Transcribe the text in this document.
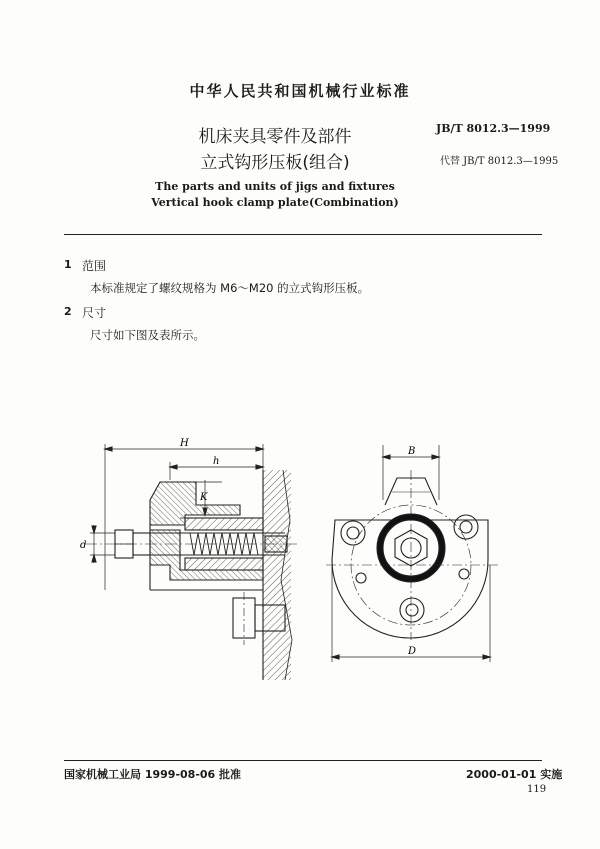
中华人民共和国机械行业标准
机床夹具零件及部件
立式钩形压板(组合)
The parts and units of jigs and fixtures
Vertical hook clamp plate(Combination)
JB/T 8012.3—1999
代替 JB/T 8012.3—1995
1 范围
本标准规定了螺纹规格为 M6～M20 的立式钩形压板。
2 尺寸
尺寸如下图及表所示。
H
h
K
d
B
D
国家机械工业局 1999-08-06 批准	2000-01-01 实施
119
